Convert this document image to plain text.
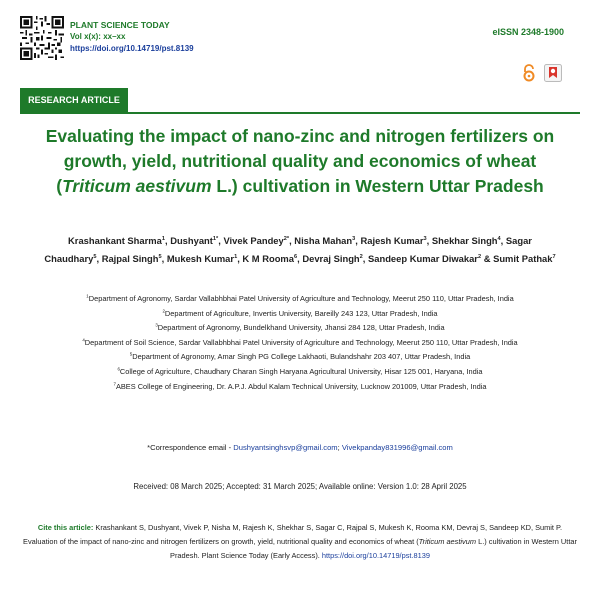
PLANT SCIENCE TODAY
Vol x(x): xx–xx
https://doi.org/10.14719/pst.8139
eISSN 2348-1900
RESEARCH ARTICLE
Evaluating the impact of nano-zinc and nitrogen fertilizers on growth, yield, nutritional quality and economics of wheat (Triticum aestivum L.) cultivation in Western Uttar Pradesh
Krashankant Sharma$^1$, Dushyant$^{1*}$, Vivek Pandey$^{2*}$, Nisha Mahan$^3$, Rajesh Kumar$^3$, Shekhar Singh$^4$, Sagar Chaudhary$^5$, Rajpal Singh$^5$, Mukesh Kumar$^1$, K M Rooma$^6$, Devraj Singh$^2$, Sandeep Kumar Diwakar$^2$ & Sumit Pathak$^7$
$^1$Department of Agronomy, Sardar Vallabhbhai Patel University of Agriculture and Technology, Meerut 250 110, Uttar Pradesh, India
$^2$Department of Agriculture, Invertis University, Bareilly 243 123, Uttar Pradesh, India
$^3$Department of Agronomy, Bundelkhand University, Jhansi 284 128, Uttar Pradesh, India
$^4$Department of Soil Science, Sardar Vallabhbhai Patel University of Agriculture and Technology, Meerut 250 110, Uttar Pradesh, India
$^5$Department of Agronomy, Amar Singh PG College Lakhaoti, Bulandshahr 203 407, Uttar Pradesh, India
$^6$College of Agriculture, Chaudhary Charan Singh Haryana Agricultural University, Hisar 125 001, Haryana, India
$^7$ABES College of Engineering, Dr. A.P.J. Abdul Kalam Technical University, Lucknow 201009, Uttar Pradesh, India
*Correspondence email - Dushyantsinghsvp@gmail.com; Vivekpanday831996@gmail.com
Received: 08 March 2025; Accepted: 31 March 2025; Available online: Version 1.0: 28 April 2025
Cite this article: Krashankant S, Dushyant, Vivek P, Nisha M, Rajesh K, Shekhar S, Sagar C, Rajpal S, Mukesh K, Rooma KM, Devraj S, Sandeep KD, Sumit P. Evaluation of the impact of nano-zinc and nitrogen fertilizers on growth, yield, nutritional quality and economics of wheat (Triticum aestivum L.) cultivation in Western Uttar Pradesh. Plant Science Today (Early Access). https://doi.org/10.14719/pst.8139
